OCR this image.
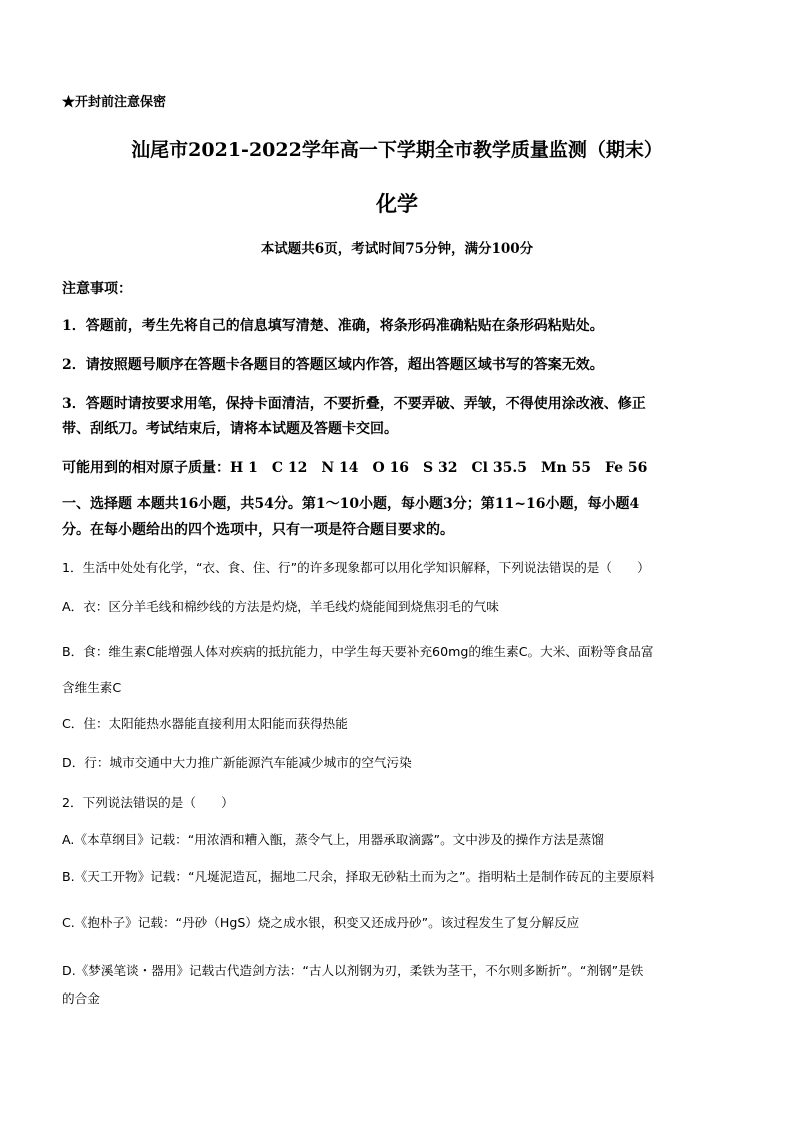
★开封前注意保密
汕尾市2021-2022学年高一下学期全市教学质量监测（期末）
化学
本试题共6页，考试时间75分钟，满分100分
注意事项：
1．答题前，考生先将自己的信息填写清楚、准确，将条形码准确粘贴在条形码粘贴处。
2．请按照题号顺序在答题卡各题目的答题区域内作答，超出答题区域书写的答案无效。
3．答题时请按要求用笔，保持卡面清洁，不要折叠，不要弄破、弄皱，不得使用涂改液、修正
带、刮纸刀。考试结束后，请将本试题及答题卡交回。
可能用到的相对原子质量：H 1　C 12　N 14　O 16　S 32　Cl 35.5　Mn 55　Fe 56
一、选择题 本题共16小题，共54分。第1～10小题，每小题3分；第11~16小题，每小题4
分。在每小题给出的四个选项中，只有一项是符合题目要求的。
1．生活中处处有化学，“衣、食、住、行”的许多现象都可以用化学知识解释，下列说法错误的是（　　）
A．衣：区分羊毛线和棉纱线的方法是灼烧，羊毛线灼烧能闻到烧焦羽毛的气味
B．食：维生素C能增强人体对疾病的抵抗能力，中学生每天要补充60mg的维生素C。大米、面粉等食品富
含维生素C
C．住：太阳能热水器能直接利用太阳能而获得热能
D．行：城市交通中大力推广新能源汽车能减少城市的空气污染
2．下列说法错误的是（　　）
A.《本草纲目》记载：“用浓酒和糟入甑，蒸令气上，用器承取滴露”。文中涉及的操作方法是蒸馏
B.《天工开物》记载：“凡埏泥造瓦，掘地二尺余，择取无砂粘土而为之”。指明粘土是制作砖瓦的主要原料
C.《抱朴子》记载：“丹砂（HgS）烧之成水银，积变又还成丹砂”。该过程发生了复分解反应
D.《梦溪笔谈・器用》记载古代造剑方法：“古人以剂钢为刃，柔铁为茎干，不尔则多断折”。“剂钢”是铁
的合金
